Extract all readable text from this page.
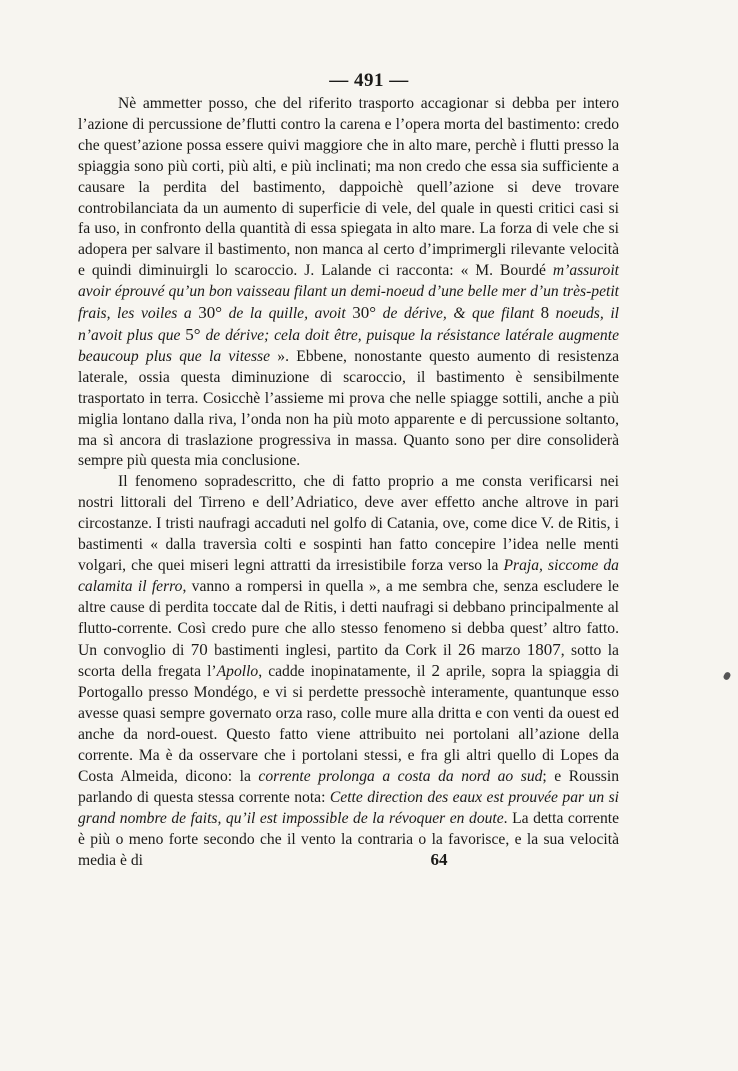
— 491 —

Nè ammetter posso, che del riferito trasporto accagionar si debba per intero l’azione di percussione de’flutti contro la carena e l’opera morta del bastimento: credo che quest’azione possa essere quivi maggiore che in alto mare, perchè i flutti presso la spiaggia sono più corti, più alti, e più inclinati; ma non credo che essa sia sufficiente a causare la perdita del bastimento, dappoichè quell’azione si deve trovare controbilanciata da un aumento di superficie di vele, del quale in questi critici casi si fa uso, in confronto della quantità di essa spiegata in alto mare. La forza di vele che si adopera per salvare il bastimento, non manca al certo d’imprimergli rilevante velocità e quindi diminuirgli lo scaroccio. J. Lalande ci racconta: « M. Bourdé m’assuroit avoir éprouvé qu’un bon vaisseau filant un demi-noeud d’une belle mer d’un très-petit frais, les voiles a 30° de la quille, avoit 30° de dérive, & que filant 8 noeuds, il n’avoit plus que 5° de dérive; cela doit être, puisque la résistance latérale augmente beaucoup plus que la vitesse ». Ebbene, nonostante questo aumento di resistenza laterale, ossia questa diminuzione di scaroccio, il bastimento è sensibilmente trasportato in terra. Cosicchè l’assieme mi prova che nelle spiagge sottili, anche a più miglia lontano dalla riva, l’onda non ha più moto apparente e di percussione soltanto, ma sì ancora di traslazione progressiva in massa. Quanto sono per dire consoliderà sempre più questa mia conclusione.

Il fenomeno sopradescritto, che di fatto proprio a me consta verificarsi nei nostri littorali del Tirreno e dell’Adriatico, deve aver effetto anche altrove in pari circostanze. I tristi naufragi accaduti nel golfo di Catania, ove, come dice V. de Ritis, i bastimenti « dalla traversìa colti e sospinti han fatto concepire l’idea nelle menti volgari, che quei miseri legni attratti da irresistibile forza verso la Praja, siccome da calamita il ferro, vanno a rompersi in quella », a me sembra che, senza escludere le altre cause di perdita toccate dal de Ritis, i detti naufragi si debbano principalmente al flutto-corrente. Così credo pure che allo stesso fenomeno si debba quest’ altro fatto. Un convoglio di 70 bastimenti inglesi, partito da Cork il 26 marzo 1807, sotto la scorta della fregata l’Apollo, cadde inopinatamente, il 2 aprile, sopra la spiaggia di Portogallo presso Mondégo, e vi si perdette pressochè interamente, quantunque esso avesse quasi sempre governato orza raso, colle mure alla dritta e con venti da ouest ed anche da nord-ouest. Questo fatto viene attribuito nei portolani all’azione della corrente. Ma è da osservare che i portolani stessi, e fra gli altri quello di Lopes da Costa Almeida, dicono: la corrente prolonga a costa da nord ao sud; e Roussin parlando di questa stessa corrente nota: Cette direction des eaux est prouvée par un si grand nombre de faits, qu’il est impossible de la révoquer en doute. La detta corrente è più o meno forte secondo che il vento la contraria o la favorisce, e la sua velocità media è di	64
